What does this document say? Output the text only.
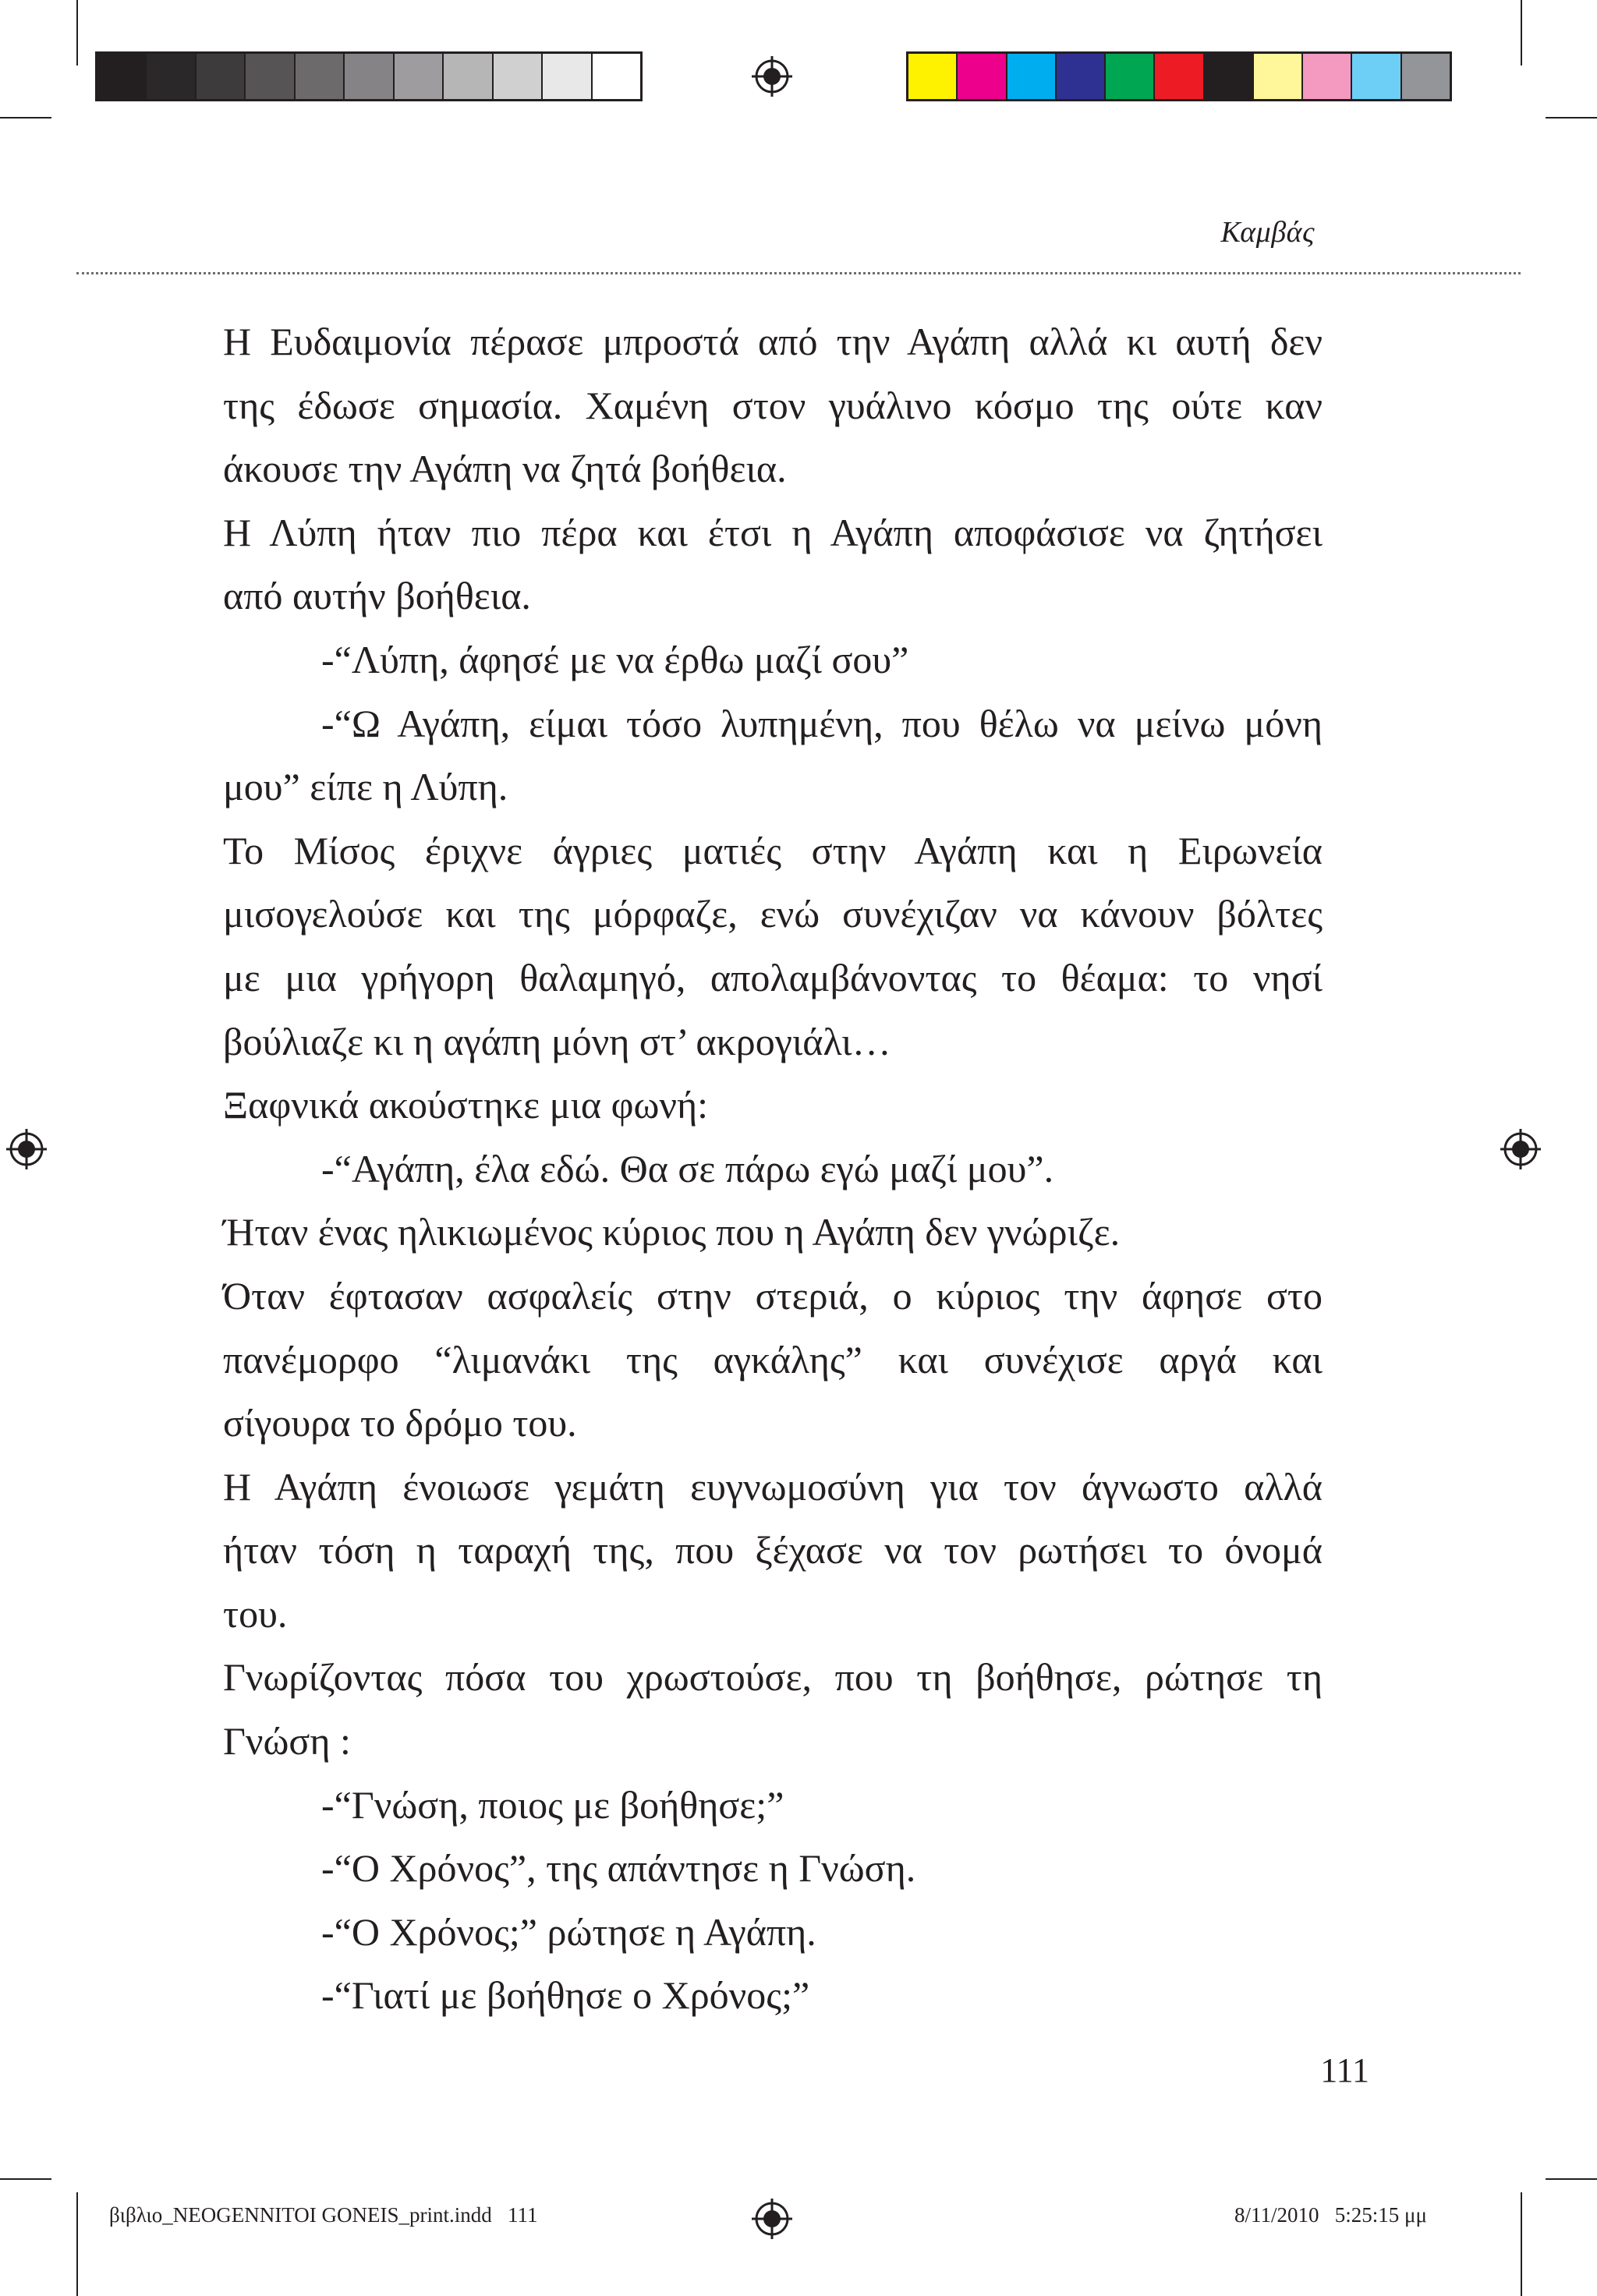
Καμβάς
Η Ευδαιμονία πέρασε μπροστά από την Αγάπη αλλά κι αυτή δεν
της έδωσε σημασία. Χαμένη στον γυάλινο κόσμο της ούτε καν
άκουσε την Αγάπη να ζητά βοήθεια.
Η Λύπη ήταν πιο πέρα και έτσι η Αγάπη αποφάσισε να ζητήσει
από αυτήν βοήθεια.
-“Λύπη, άφησέ με να έρθω μαζί σου”
-“Ω Αγάπη, είμαι τόσο λυπημένη, που θέλω να μείνω μόνη
μου” είπε η Λύπη.
Το Μίσος έριχνε άγριες ματιές στην Αγάπη και η Ειρωνεία
μισογελούσε και της μόρφαζε, ενώ συνέχιζαν να κάνουν βόλτες
με μια γρήγορη θαλαμηγό, απολαμβάνοντας το θέαμα: το νησί
βούλιαζε κι η αγάπη μόνη στ’ ακρογιάλι…
Ξαφνικά ακούστηκε μια φωνή:
-“Αγάπη, έλα εδώ. Θα σε πάρω εγώ μαζί μου”.
Ήταν ένας ηλικιωμένος κύριος που η Αγάπη δεν γνώριζε.
Όταν έφτασαν ασφαλείς στην στεριά, ο κύριος την άφησε στο
πανέμορφο “λιμανάκι της αγκάλης” και συνέχισε αργά και
σίγουρα το δρόμο του.
Η Αγάπη ένοιωσε γεμάτη ευγνωμοσύνη για τον άγνωστο αλλά
ήταν τόση η ταραχή της, που ξέχασε να τον ρωτήσει το όνομά
του.
Γνωρίζοντας πόσα του χρωστούσε, που τη βοήθησε, ρώτησε τη
Γνώση :
-“Γνώση, ποιος με βοήθησε;”
-“Ο Χρόνος”, της απάντησε η Γνώση.
-“Ο Χρόνος;” ρώτησε η Αγάπη.
-“Γιατί με βοήθησε ο Χρόνος;”
111
βιβλιο_NEOGENNITOI GONEIS_print.indd   111	8/11/2010   5:25:15 μμ
